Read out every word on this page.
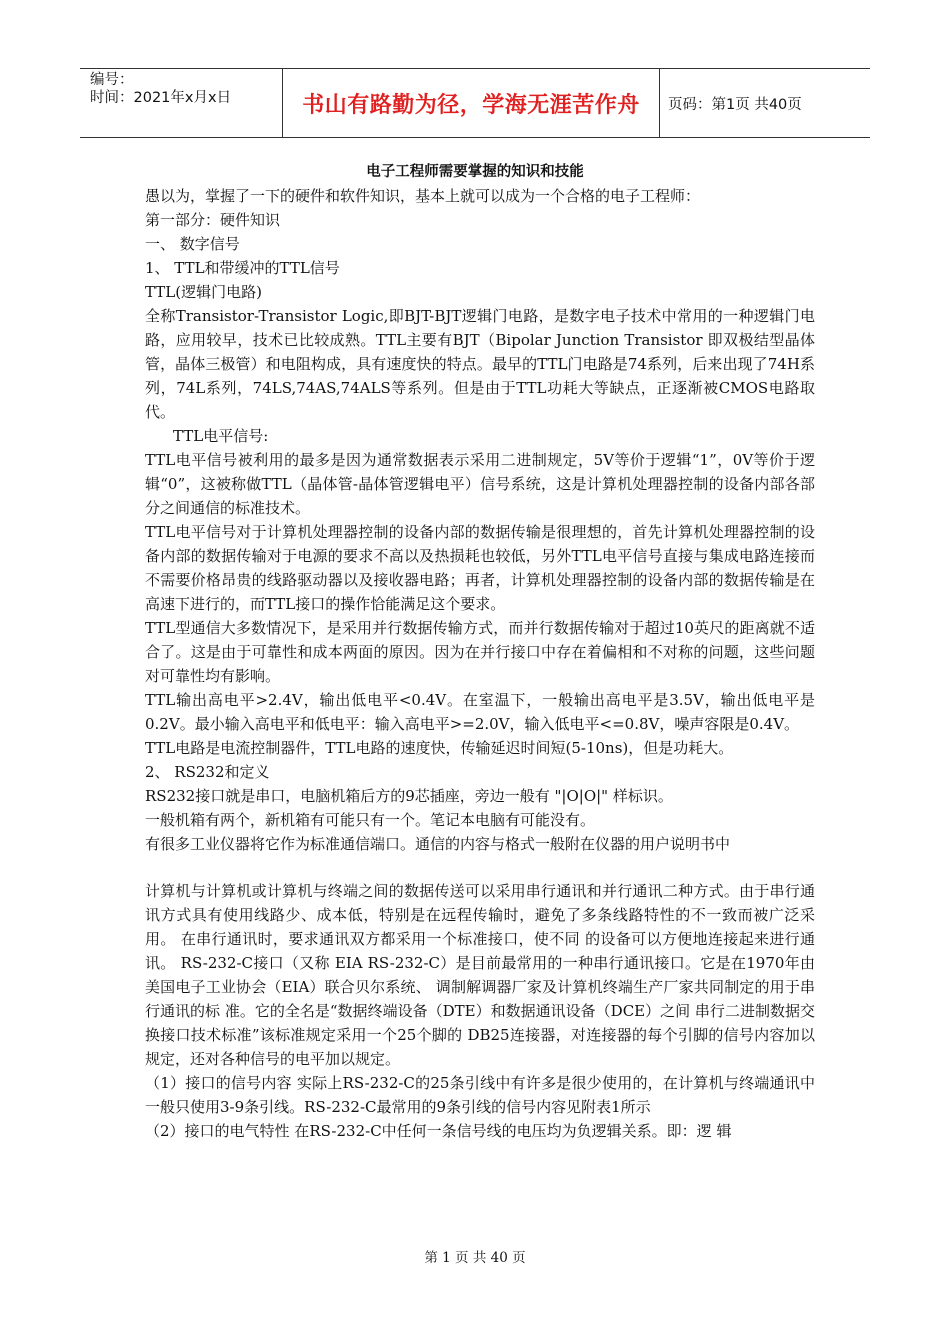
编号：
时间：2021年x月x日	书山有路勤为径，学海无涯苦作舟	页码：第1页 共40页
电子工程师需要掌握的知识和技能

愚以为，掌握了一下的硬件和软件知识，基本上就可以成为一个合格的电子工程师：

第一部分：硬件知识

一、 数字信号

1、 TTL和带缓冲的TTL信号

TTL(逻辑门电路)

全称Transistor-Transistor Logic,即BJT-BJT逻辑门电路，是数字电子技术中常用的一种逻辑门电路，应用较早，技术已比较成熟。TTL主要有BJT（Bipolar Junction Transistor 即双极结型晶体管，晶体三极管）和电阻构成，具有速度快的特点。最早的TTL门电路是74系列，后来出现了74H系列，74L系列，74LS,74AS,74ALS等系列。但是由于TTL功耗大等缺点，正逐渐被CMOS电路取代。

TTL电平信号:

TTL电平信号被利用的最多是因为通常数据表示采用二进制规定，5V等价于逻辑“1”，0V等价于逻辑“0”，这被称做TTL（晶体管-晶体管逻辑电平）信号系统，这是计算机处理器控制的设备内部各部分之间通信的标准技术。

TTL电平信号对于计算机处理器控制的设备内部的数据传输是很理想的，首先计算机处理器控制的设备内部的数据传输对于电源的要求不高以及热损耗也较低，另外TTL电平信号直接与集成电路连接而不需要价格昂贵的线路驱动器以及接收器电路；再者，计算机处理器控制的设备内部的数据传输是在高速下进行的，而TTL接口的操作恰能满足这个要求。

TTL型通信大多数情况下，是采用并行数据传输方式，而并行数据传输对于超过10英尺的距离就不适合了。这是由于可靠性和成本两面的原因。因为在并行接口中存在着偏相和不对称的问题，这些问题对可靠性均有影响。

TTL输出高电平>2.4V，输出低电平<0.4V。在室温下，一般输出高电平是3.5V，输出低电平是0.2V。最小输入高电平和低电平：输入高电平>=2.0V，输入低电平<=0.8V，噪声容限是0.4V。

TTL电路是电流控制器件，TTL电路的速度快，传输延迟时间短(5-10ns)，但是功耗大。

2、 RS232和定义

RS232接口就是串口，电脑机箱后方的9芯插座，旁边一般有 "|O|O|" 样标识。

一般机箱有两个，新机箱有可能只有一个。笔记本电脑有可能没有。

有很多工业仪器将它作为标准通信端口。通信的内容与格式一般附在仪器的用户说明书中

计算机与计算机或计算机与终端之间的数据传送可以采用串行通讯和并行通讯二种方式。由于串行通讯方式具有使用线路少、成本低，特别是在远程传输时，避免了多条线路特性的不一致而被广泛采用。 在串行通讯时，要求通讯双方都采用一个标准接口，使不同 的设备可以方便地连接起来进行通讯。 RS-232-C接口（又称 EIA RS-232-C）是目前最常用的一种串行通讯接口。它是在1970年由美国电子工业协会（EIA）联合贝尔系统、 调制解调器厂家及计算机终端生产厂家共同制定的用于串行通讯的标 准。它的全名是“数据终端设备（DTE）和数据通讯设备（DCE）之间 串行二进制数据交换接口技术标准”该标准规定采用一个25个脚的 DB25连接器，对连接器的每个引脚的信号内容加以规定，还对各种信号的电平加以规定。

（1）接口的信号内容 实际上RS-232-C的25条引线中有许多是很少使用的，在计算机与终端通讯中一般只使用3-9条引线。RS-232-C最常用的9条引线的信号内容见附表1所示

（2）接口的电气特性 在RS-232-C中任何一条信号线的电压均为负逻辑关系。即：逻 辑

第 1 页 共 40 页
